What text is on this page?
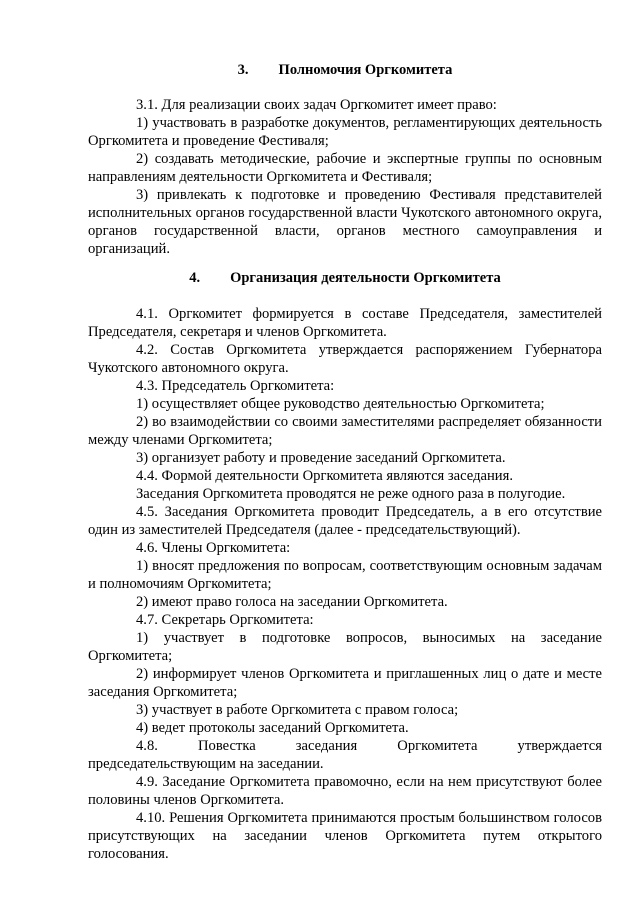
3. Полномочия Оргкомитета

3.1. Для реализации своих задач Оргкомитет имеет право:

1) участвовать в разработке документов, регламентирующих деятельность Оргкомитета и проведение Фестиваля;

2) создавать методические, рабочие и экспертные группы по основным направлениям деятельности Оргкомитета и Фестиваля;

3) привлекать к подготовке и проведению Фестиваля представителей исполнительных органов государственной власти Чукотского автономного округа, органов государственной власти, органов местного самоуправления и организаций.

4. Организация деятельности Оргкомитета

4.1. Оргкомитет формируется в составе Председателя, заместителей Председателя, секретаря и членов Оргкомитета.

4.2. Состав Оргкомитета утверждается распоряжением Губернатора Чукотского автономного округа.

4.3. Председатель Оргкомитета:

1) осуществляет общее руководство деятельностью Оргкомитета;

2) во взаимодействии со своими заместителями распределяет обязанности между членами Оргкомитета;

3) организует работу и проведение заседаний Оргкомитета.

4.4. Формой деятельности Оргкомитета являются заседания.

Заседания Оргкомитета проводятся не реже одного раза в полугодие.

4.5. Заседания Оргкомитета проводит Председатель, а в его отсутствие один из заместителей Председателя (далее - председательствующий).

4.6. Члены Оргкомитета:

1) вносят предложения по вопросам, соответствующим основным задачам и полномочиям Оргкомитета;

2) имеют право голоса на заседании Оргкомитета.

4.7. Секретарь Оргкомитета:

1) участвует в подготовке вопросов, выносимых на заседание Оргкомитета;

2) информирует членов Оргкомитета и приглашенных лиц о дате и месте заседания Оргкомитета;

3) участвует в работе Оргкомитета с правом голоса;

4) ведет протоколы заседаний Оргкомитета.

4.8. Повестка заседания Оргкомитета утверждается председательствующим на заседании.

4.9. Заседание Оргкомитета правомочно, если на нем присутствуют более половины членов Оргкомитета.

4.10. Решения Оргкомитета принимаются простым большинством голосов присутствующих на заседании членов Оргкомитета путем открытого голосования.
